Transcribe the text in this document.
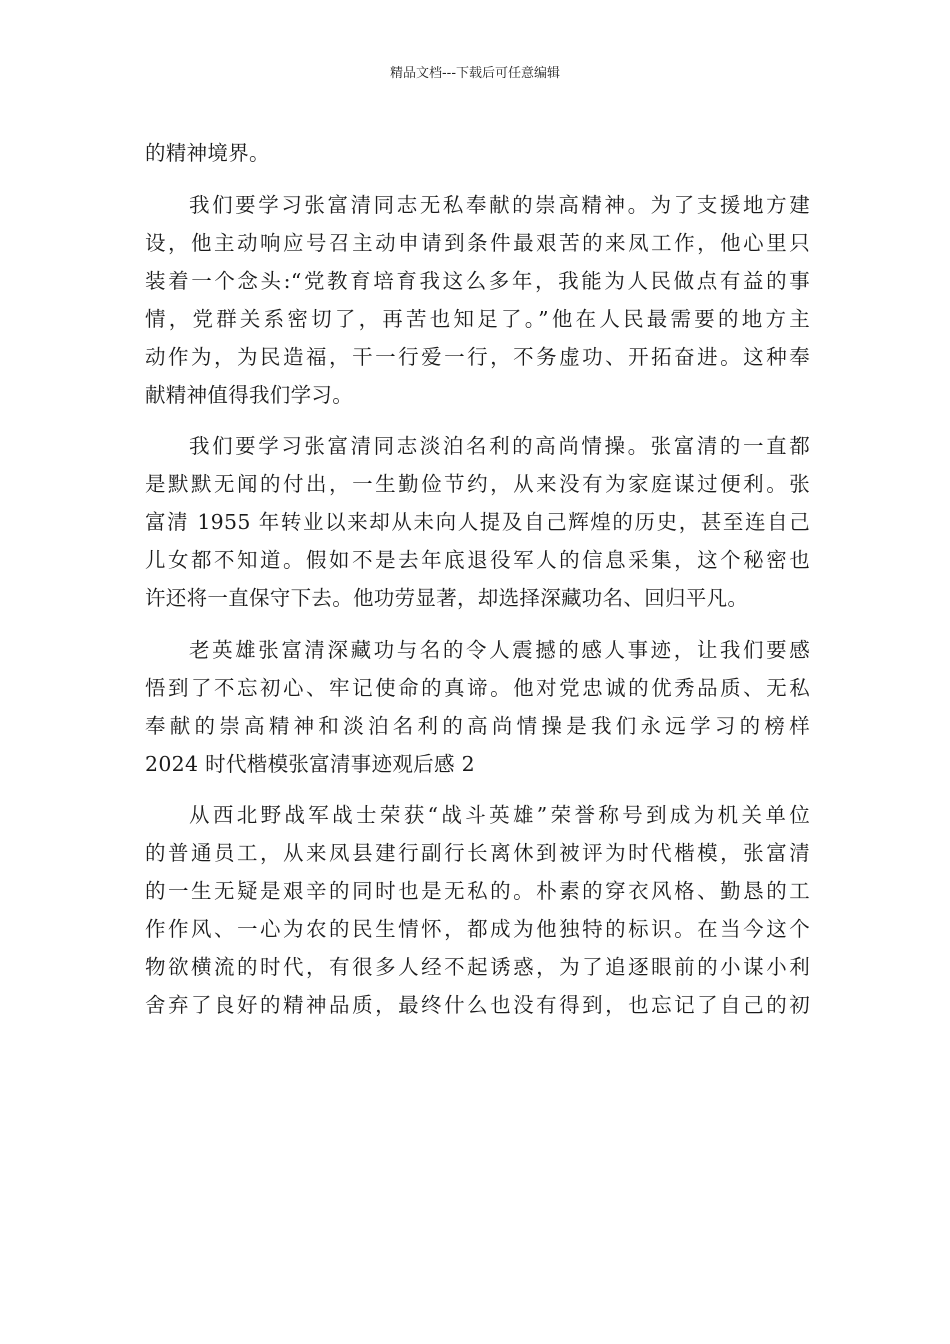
精品文档---下载后可任意编辑
的精神境界。
我们要学习张富清同志无私奉献的崇高精神。为了支援地方建
设，他主动响应号召主动申请到条件最艰苦的来凤工作，他心里只
装着一个念头:“党教育培育我这么多年，我能为人民做点有益的事
情，党群关系密切了，再苦也知足了。”他在人民最需要的地方主
动作为，为民造福，干一行爱一行，不务虚功、开拓奋进。这种奉
献精神值得我们学习。
我们要学习张富清同志淡泊名利的高尚情操。张富清的一直都
是默默无闻的付出，一生勤俭节约，从来没有为家庭谋过便利。张
富清 1955 年转业以来却从未向人提及自己辉煌的历史，甚至连自己
儿女都不知道。假如不是去年底退役军人的信息采集，这个秘密也
许还将一直保守下去。他功劳显著，却选择深藏功名、回归平凡。
老英雄张富清深藏功与名的令人震撼的感人事迹，让我们要感
悟到了不忘初心、牢记使命的真谛。他对党忠诚的优秀品质、无私
奉献的崇高精神和淡泊名利的高尚情操是我们永远学习的榜样
2024 时代楷模张富清事迹观后感 2
从西北野战军战士荣获“战斗英雄”荣誉称号到成为机关单位
的普通员工，从来凤县建行副行长离休到被评为时代楷模，张富清
的一生无疑是艰辛的同时也是无私的。朴素的穿衣风格、勤恳的工
作作风、一心为农的民生情怀，都成为他独特的标识。在当今这个
物欲横流的时代，有很多人经不起诱惑，为了追逐眼前的小谋小利
舍弃了良好的精神品质，最终什么也没有得到，也忘记了自己的初
